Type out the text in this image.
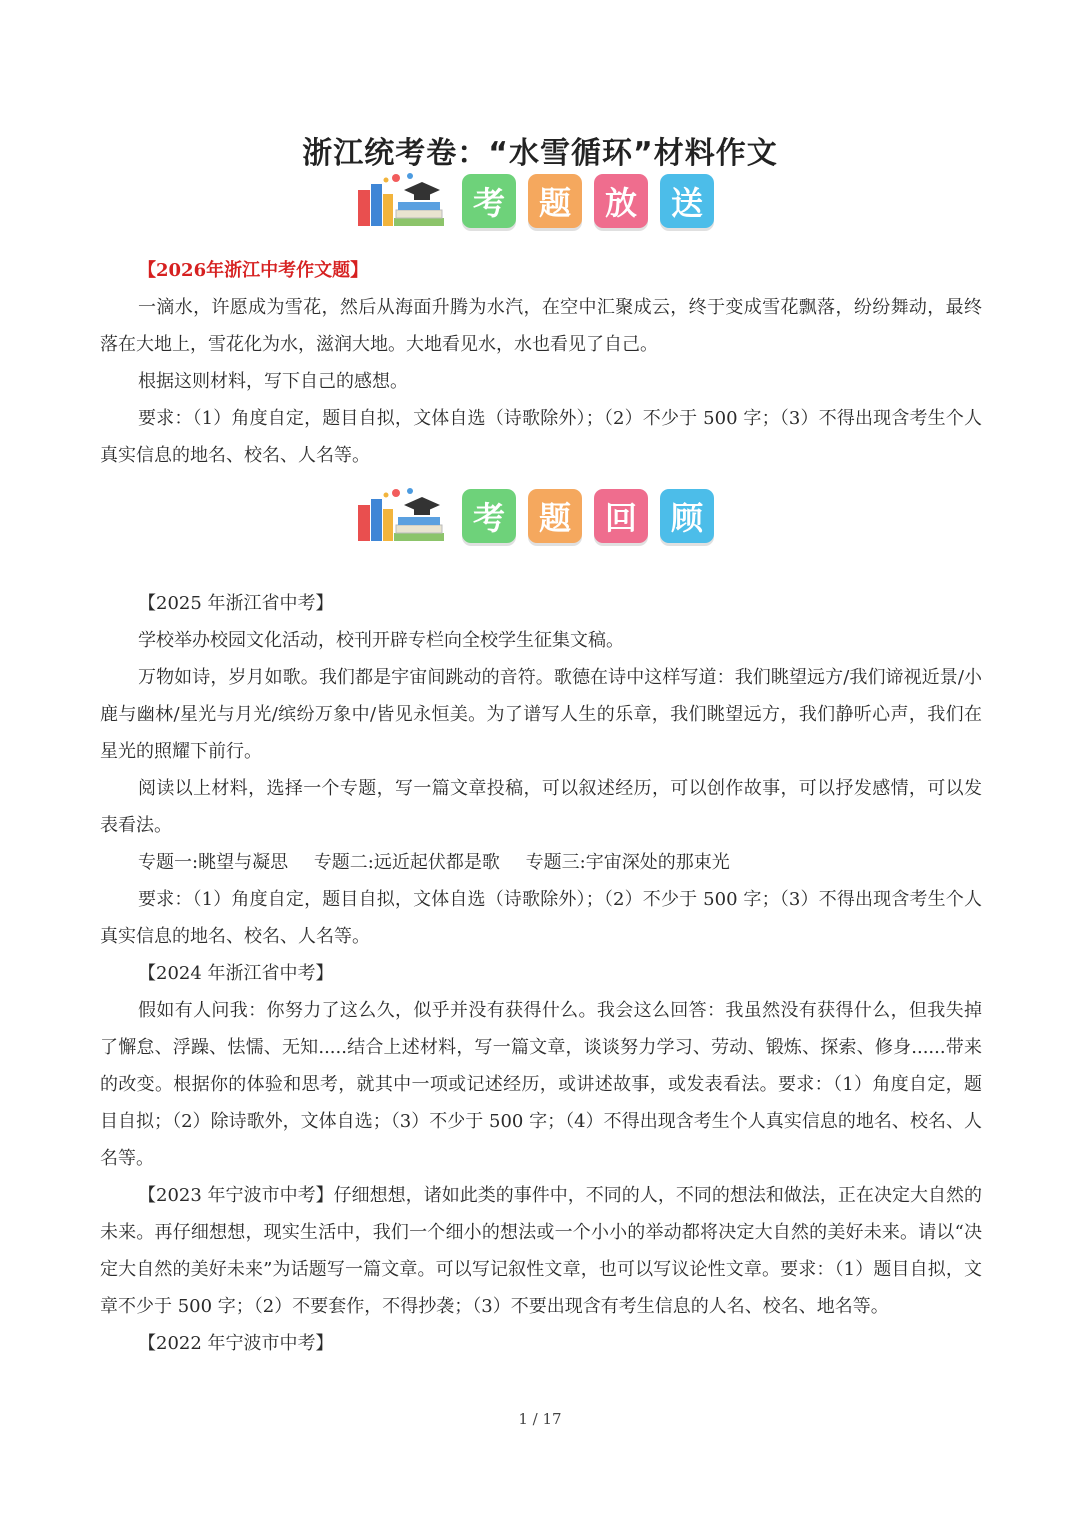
浙江统考卷：“水雪循环”材料作文
考	题	放	送
考	题	回	顾

【2026年浙江中考作文题】

一滴水，许愿成为雪花，然后从海面升腾为水汽，在空中汇聚成云，终于变成雪花飘落，纷纷舞动，最终落在大地上，雪花化为水，滋润大地。大地看见水，水也看见了自己。

根据这则材料，写下自己的感想。

要求：（1）角度自定，题目自拟，文体自选（诗歌除外）；（2）不少于 500 字；（3）不得出现含考生个人真实信息的地名、校名、人名等。

【2025 年浙江省中考】

学校举办校园文化活动，校刊开辟专栏向全校学生征集文稿。

万物如诗，岁月如歌。我们都是宇宙间跳动的音符。歌德在诗中这样写道：我们眺望远方/我们谛视近景/小鹿与幽林/星光与月光/缤纷万象中/皆见永恒美。为了谱写人生的乐章，我们眺望远方，我们静听心声，我们在星光的照耀下前行。

阅读以上材料，选择一个专题，写一篇文章投稿，可以叙述经历，可以创作故事，可以抒发感情，可以发表看法。

专题一:眺望与凝思 专题二:远近起伏都是歌 专题三:宇宙深处的那束光

要求：（1）角度自定，题目自拟，文体自选（诗歌除外）；（2）不少于 500 字；（3）不得出现含考生个人真实信息的地名、校名、人名等。

【2024 年浙江省中考】

假如有人问我：你努力了这么久，似乎并没有获得什么。我会这么回答：我虽然没有获得什么，但我失掉了懈怠、浮躁、怯懦、无知.....结合上述材料，写一篇文章，谈谈努力学习、劳动、锻炼、探索、修身......带来的改变。根据你的体验和思考，就其中一项或记述经历，或讲述故事，或发表看法。要求：（1）角度自定，题目自拟；（2）除诗歌外，文体自选；（3）不少于 500 字；（4）不得出现含考生个人真实信息的地名、校名、人名等。

【2023 年宁波市中考】仔细想想，诸如此类的事件中，不同的人，不同的想法和做法，正在决定大自然的未来。再仔细想想，现实生活中，我们一个细小的想法或一个小小的举动都将决定大自然的美好未来。请以“决定大自然的美好未来”为话题写一篇文章。可以写记叙性文章，也可以写议论性文章。要求：（1）题目自拟，文章不少于 500 字；（2）不要套作，不得抄袭；（3）不要出现含有考生信息的人名、校名、地名等。

【2022 年宁波市中考】

1 / 17
